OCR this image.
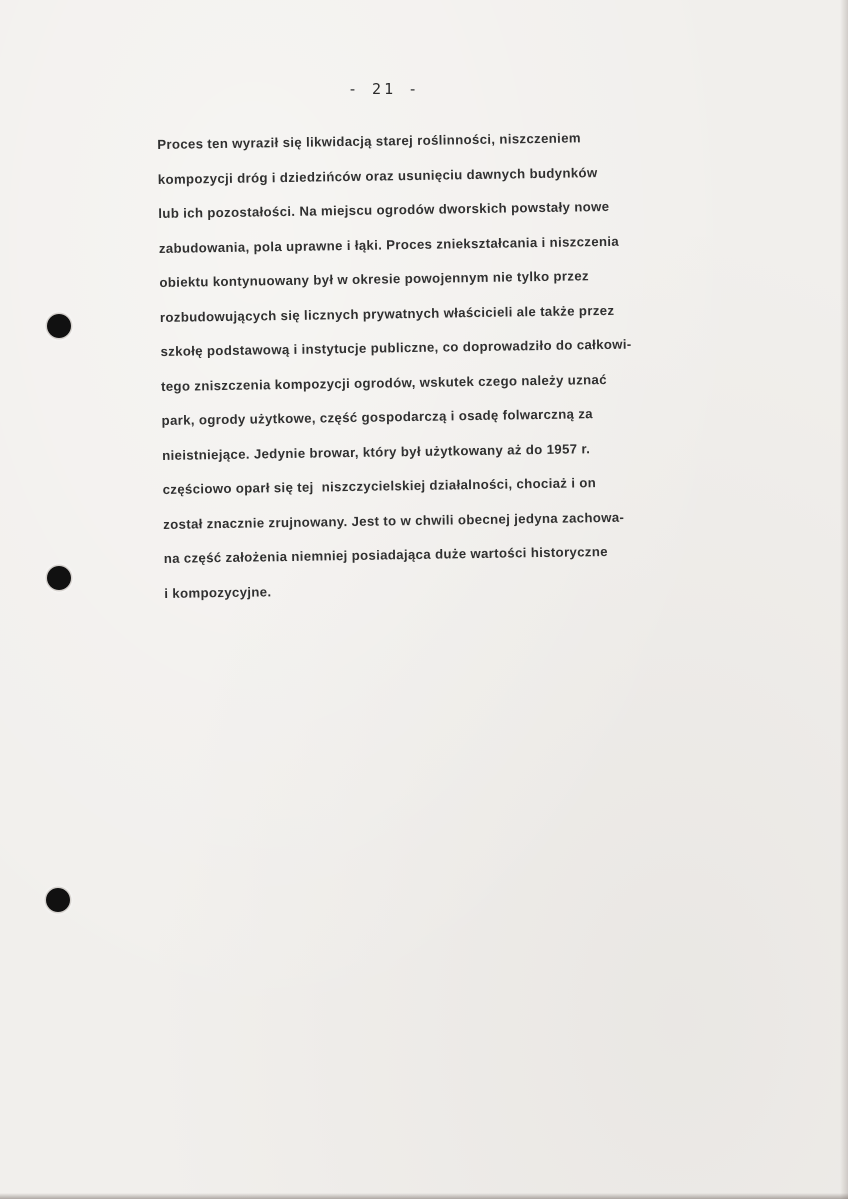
- 21 -
Proces ten wyraził się likwidacją starej roślinności, niszczeniem
kompozycji dróg i dziedzińców oraz usunięciu dawnych budynków
lub ich pozostałości. Na miejscu ogrodów dworskich powstały nowe
zabudowania, pola uprawne i łąki. Proces zniekształcania i niszczenia
obiektu kontynuowany był w okresie powojennym nie tylko przez
rozbudowujących się licznych prywatnych właścicieli ale także przez
szkołę podstawową i instytucje publiczne, co doprowadziło do całkowi-
tego zniszczenia kompozycji ogrodów, wskutek czego należy uznać
park, ogrody użytkowe, część gospodarczą i osadę folwarczną za
nieistniejące. Jedynie browar, który był użytkowany aż do 1957 r.
częściowo oparł się tej  niszczycielskiej działalności, chociaż i on
został znacznie zrujnowany. Jest to w chwili obecnej jedyna zachowa-
na część założenia niemniej posiadająca duże wartości historyczne
i kompozycyjne.
